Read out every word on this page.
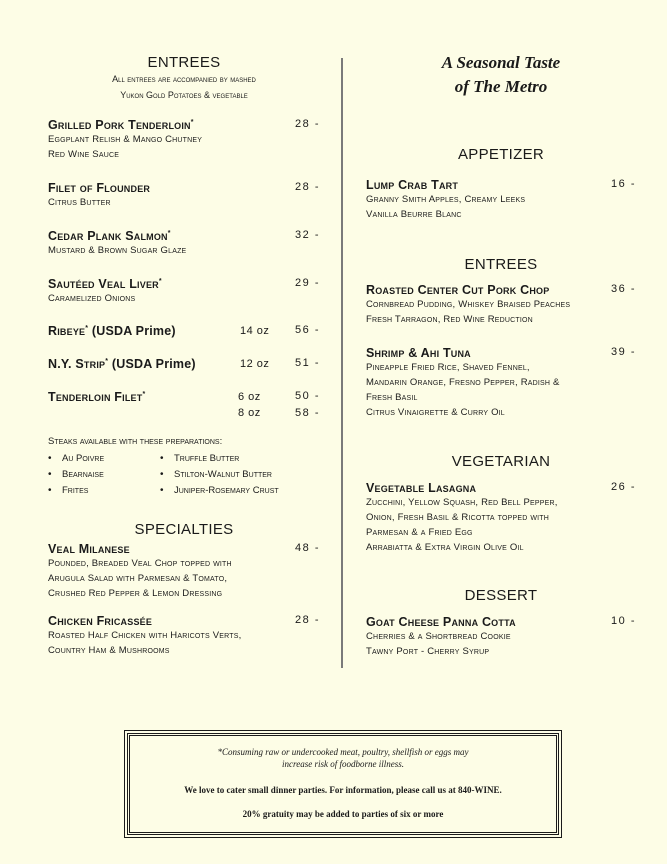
ENTREES
All entrees are accompanied by mashed
Yukon Gold Potatoes & vegetable
Grilled Pork Tenderloin*	28 -
Eggplant Relish & Mango Chutney
Red Wine Sauce
Filet of Flounder	28 -
Citrus Butter
Cedar Plank Salmon*	32 -
Mustard & Brown Sugar Glaze
Sautéed Veal Liver*	29 -
Caramelized Onions
Ribeye* (USDA Prime)	14 oz 56 -
N.Y. Strip* (USDA Prime)	12 oz 51 -
Tenderloin Filet*	6 oz	50 -
8 oz	58 -
Steaks available with these preparations:
• Au Poivre
• Bearnaise
• Frites
• Truffle Butter
• Stilton-Walnut Butter
• Juniper-Rosemary Crust
SPECIALTIES
Veal Milanese	48 -
Pounded, Breaded Veal Chop topped with
Arugula Salad with Parmesan & Tomato,
Crushed Red Pepper & Lemon Dressing
Chicken Fricassée	28 -
Roasted Half Chicken with Haricots Verts,
Country Ham & Mushrooms
A Seasonal Taste
of The Metro
APPETIZER
Lump Crab Tart	16 -
Granny Smith Apples, Creamy Leeks
Vanilla Beurre Blanc
ENTREES
Roasted Center Cut Pork Chop	36 -
Cornbread Pudding, Whiskey Braised Peaches
Fresh Tarragon, Red Wine Reduction
Shrimp & Ahi Tuna	39 -
Pineapple Fried Rice, Shaved Fennel,
Mandarin Orange, Fresno Pepper, Radish &
Fresh Basil
Citrus Vinaigrette & Curry Oil
VEGETARIAN
Vegetable Lasagna	26 -
Zucchini, Yellow Squash, Red Bell Pepper,
Onion, Fresh Basil & Ricotta topped with
Parmesan & a Fried Egg
Arrabiatta & Extra Virgin Olive Oil
DESSERT
Goat Cheese Panna Cotta	10 -
Cherries & a Shortbread Cookie
Tawny Port - Cherry Syrup
*Consuming raw or undercooked meat, poultry, shellfish or eggs may
increase risk of foodborne illness.
We love to cater small dinner parties. For information, please call us at 840-WINE.
20% gratuity may be added to parties of six or more
